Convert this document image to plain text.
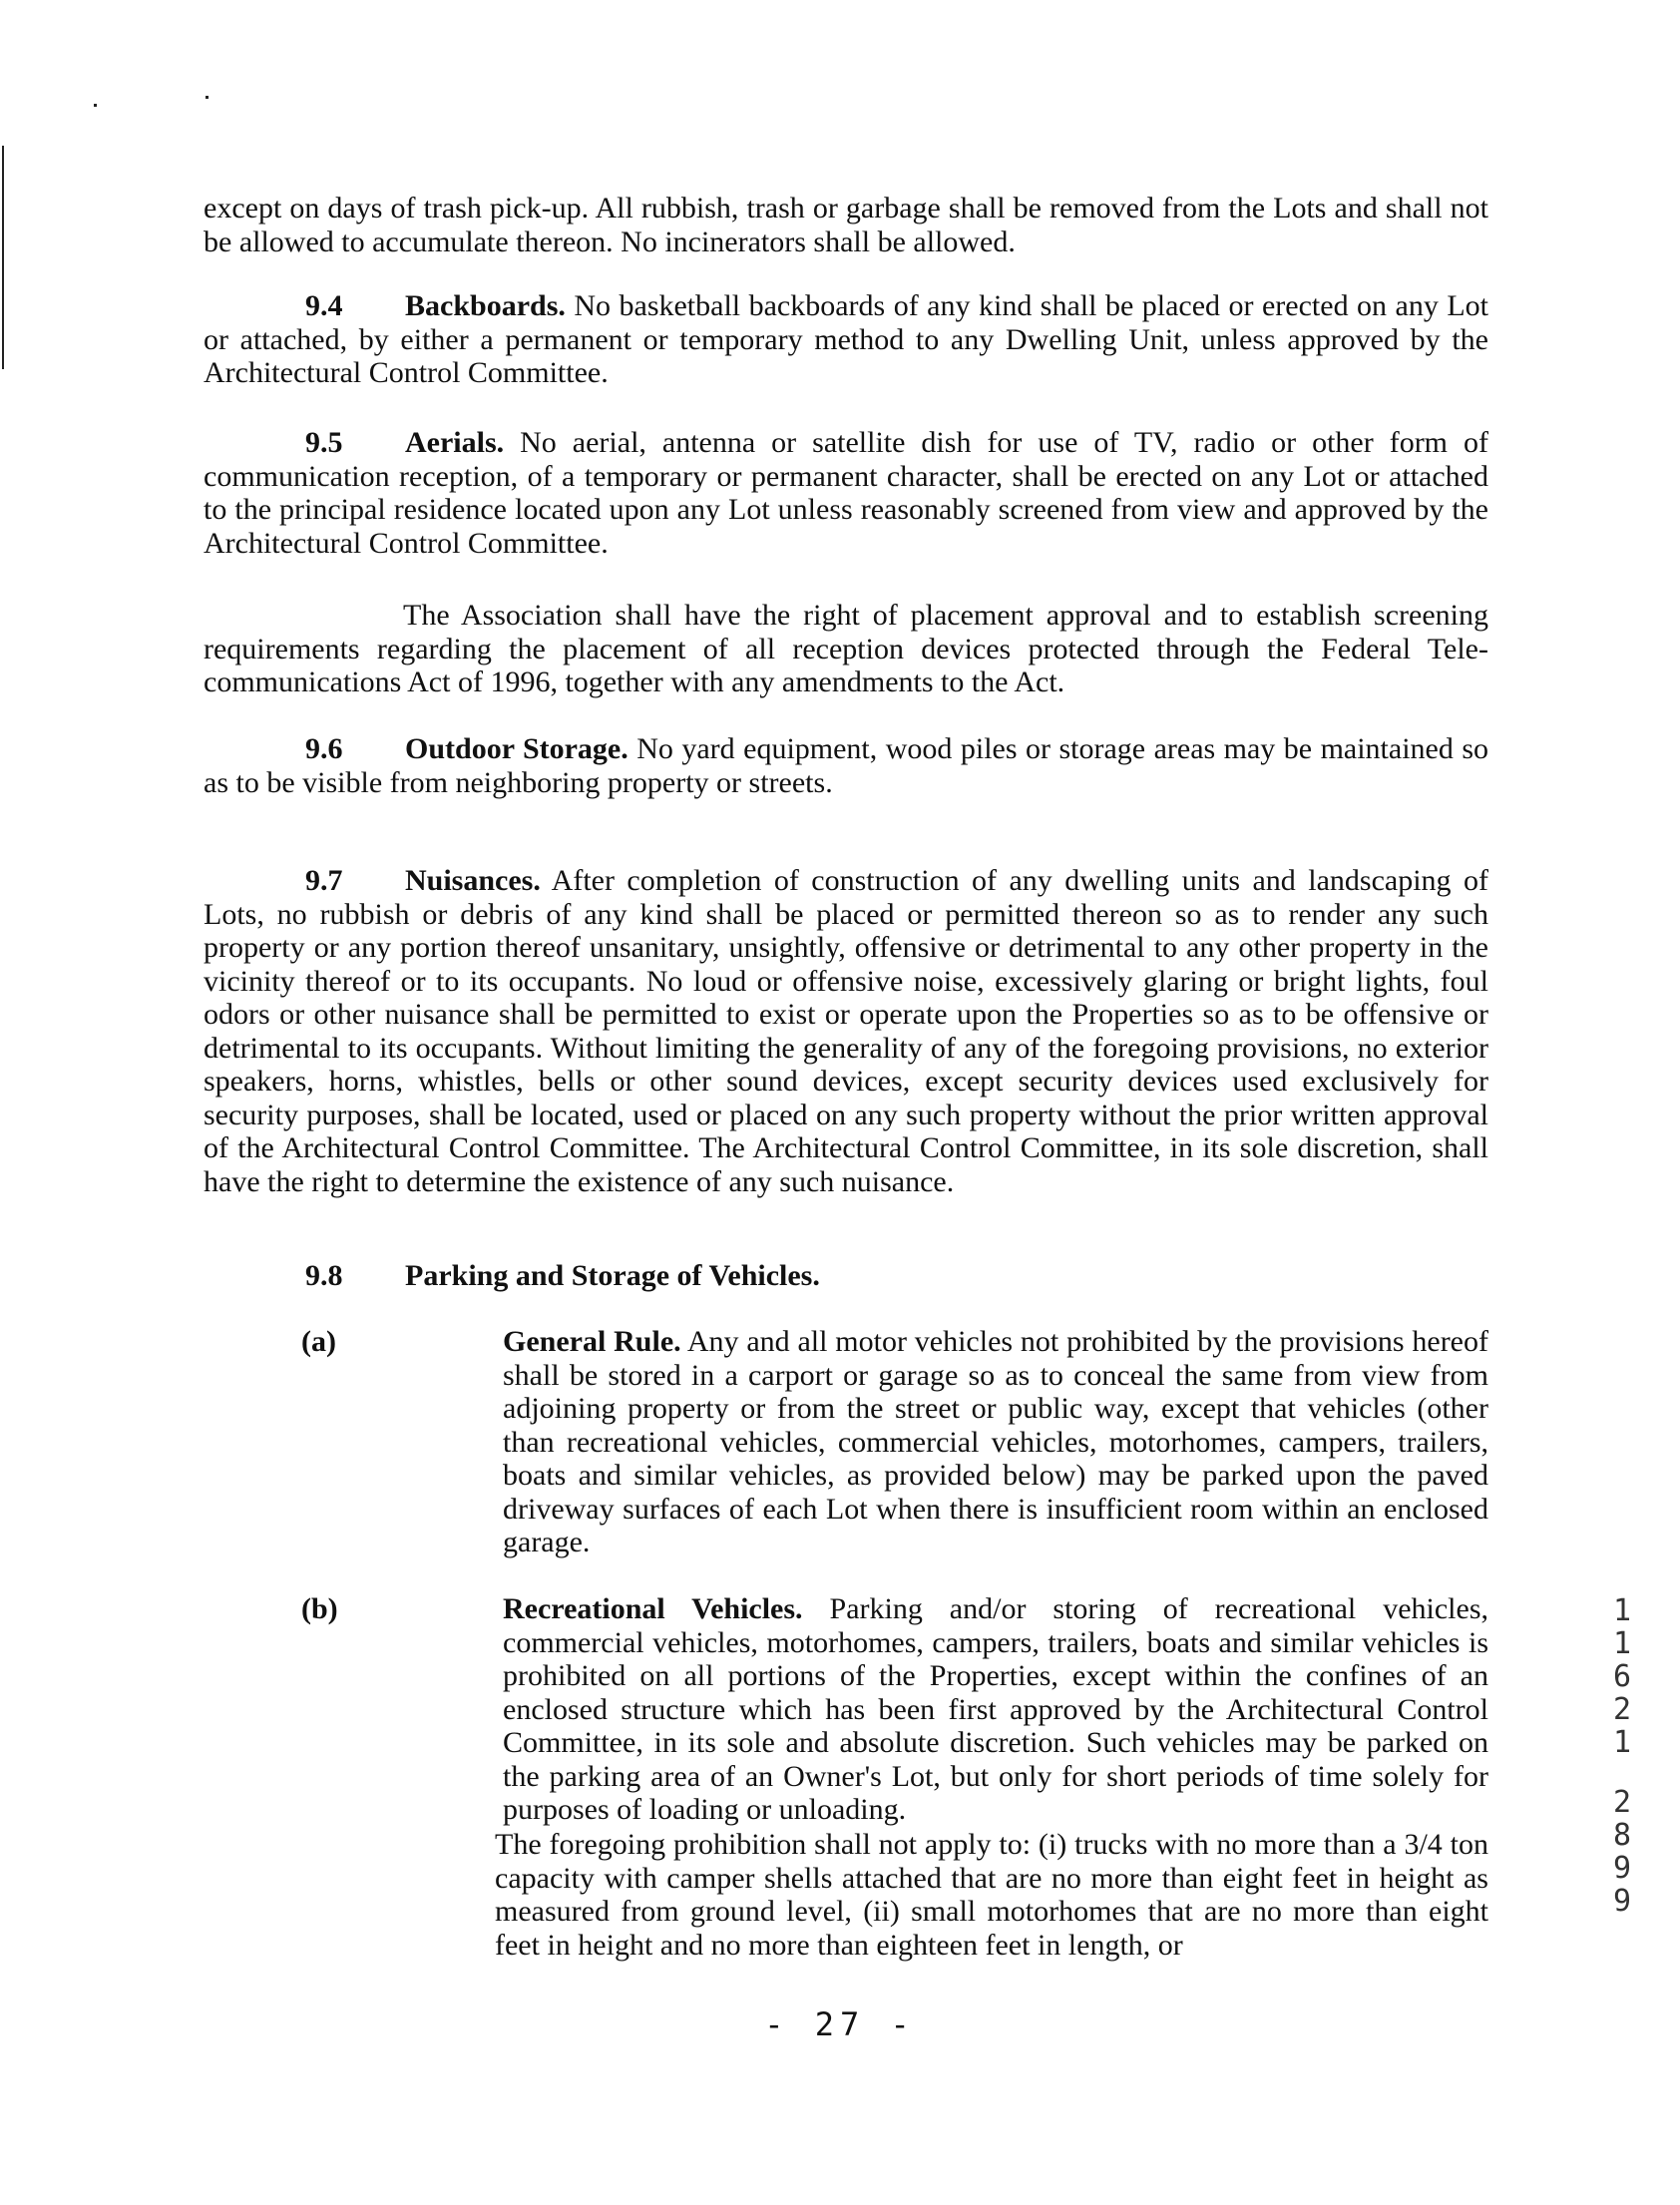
except on days of trash pick-up. All rubbish, trash or garbage shall be removed from the Lots and shall not be allowed to accumulate thereon. No incinerators shall be allowed.

9.4 Backboards. No basketball backboards of any kind shall be placed or erected on any Lot or attached, by either a permanent or temporary method to any Dwelling Unit, unless approved by the Architectural Control Committee.

9.5 Aerials. No aerial, antenna or satellite dish for use of TV, radio or other form of communication reception, of a temporary or permanent character, shall be erected on any Lot or attached to the principal residence located upon any Lot unless reasonably screened from view and approved by the Architectural Control Committee.

The Association shall have the right of placement approval and to establish screening requirements regarding the placement of all reception devices protected through the Federal Tele-communications Act of 1996, together with any amendments to the Act.

9.6 Outdoor Storage. No yard equipment, wood piles or storage areas may be maintained so as to be visible from neighboring property or streets.

9.7 Nuisances. After completion of construction of any dwelling units and landscaping of Lots, no rubbish or debris of any kind shall be placed or permitted thereon so as to render any such property or any portion thereof unsanitary, unsightly, offensive or detrimental to any other property in the vicinity thereof or to its occupants. No loud or offensive noise, excessively glaring or bright lights, foul odors or other nuisance shall be permitted to exist or operate upon the Properties so as to be offensive or detrimental to its occupants. Without limiting the generality of any of the foregoing provisions, no exterior speakers, horns, whistles, bells or other sound devices, except security devices used exclusively for security purposes, shall be located, used or placed on any such property without the prior written approval of the Architectural Control Committee. The Architectural Control Committee, in its sole discretion, shall have the right to determine the existence of any such nuisance.

9.8 Parking and Storage of Vehicles.

(a)	General Rule. Any and all motor vehicles not prohibited by the provisions hereof shall be stored in a carport or garage so as to conceal the same from view from adjoining property or from the street or public way, except that vehicles (other than recreational vehicles, commercial vehicles, motorhomes, campers, trailers, boats and similar vehicles, as provided below) may be parked upon the paved driveway surfaces of each Lot when there is insufficient room within an enclosed garage.

(b)	Recreational Vehicles. Parking and/or storing of recreational vehicles, commercial vehicles, motorhomes, campers, trailers, boats and similar vehicles is prohibited on all portions of the Properties, except within the confines of an enclosed structure which has been first approved by the Architectural Control Committee, in its sole and absolute discretion. Such vehicles may be parked on the parking area of an Owner's Lot, but only for short periods of time solely for purposes of loading or unloading.

The foregoing prohibition shall not apply to: (i) trucks with no more than a 3/4 ton capacity with camper shells attached that are no more than eight feet in height as measured from ground level, (ii) small motorhomes that are no more than eight feet in height and no more than eighteen feet in length, or

- 27 -
1
1
6
2
1
2
8
9
9
